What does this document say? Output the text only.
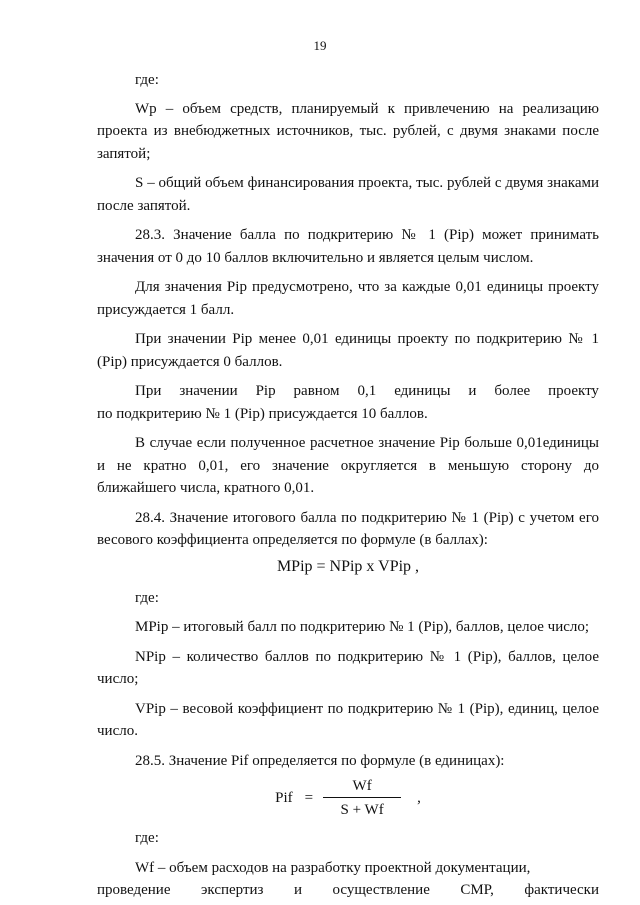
19

где:

Wp – объем средств, планируемый к привлечению на реализацию проекта из внебюджетных источников, тыс. рублей, с двумя знаками после запятой;

S – общий объем финансирования проекта, тыс. рублей с двумя знаками после запятой.

28.3. Значение балла по подкритерию № 1 (Pip) может принимать значения от 0 до 10 баллов включительно и является целым числом.

Для значения Pip предусмотрено, что за каждые 0,01 единицы проекту присуждается 1 балл.

При значении Pip менее 0,01 единицы проекту по подкритерию № 1 (Pip) присуждается 0 баллов.

При значении Pip равном 0,1 единицы и более проекту

по подкритерию № 1 (Pip) присуждается 10 баллов.

В случае если полученное расчетное значение Pip больше 0,01единицы и не кратно 0,01, его значение округляется в меньшую сторону до ближайшего числа, кратного 0,01.

28.4. Значение итогового балла по подкритерию № 1 (Pip) с учетом его весового коэффициента определяется по формуле (в баллах):

MPip = NPip x VPip ,

где:

MPip – итоговый балл по подкритерию № 1 (Pip), баллов, целое число;

NPip – количество баллов по подкритерию № 1 (Pip), баллов, целое число;

VPip – весовой коэффициент по подкритерию № 1 (Pip), единиц, целое число.

28.5. Значение Pif определяется по формуле (в единицах):

Pif = $\frac{Wf}{S + Wf}$ ,

где:

Wf – объем расходов на разработку проектной документации,

проведение экспертиз и осуществление СМР, фактически
